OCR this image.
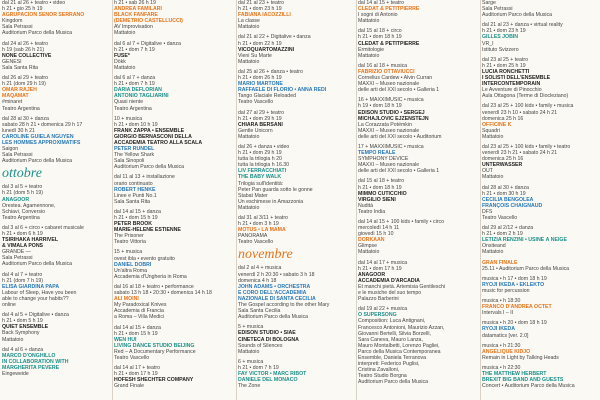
dal 21 al 26 + teatro • video
h 21 • gio 25 h 19
AGRUPACIÓN SEÑOR SERRANO
Kingdom
Sala Petrassi
Auditorium Parco della Musica
dal 24 al 26 + teatro
h 19 (sab 26 h 21)
NONE COLLECTIVE
GENESI
Sala Santa Rita
dal 26 al 29 + teatro
h 21 (dom 29 h 19)
OMAR RAJEH
MAQAMAT
#minaret
Teatro Argentina
dal 28 al 30 + danza
sabato 28 h 21 • domenica 29 h 17
lunedì 30 h 21
CAROLINE GUIELA NGUYEN
LES HOMMES APPROXIMATIFS
Saigon
Sala Petrassi
Auditorium Parco della Musica
ottobre
dal 3 al 5 + teatro
h 21 (dom 5 h 19)
ANAGOOR
Orestea. Agamennone,
Schiavi, Conversio
Teatro Argentina
dal 3 al 6 + circo • cabaret musicale
h 21 • dom 6 h 19
TSIRIHAKA HARRIVEL
& VIMALA PONS
GRANDE —
Sala Petrassi
Auditorium Parco della Musica
dal 4 al 7 + teatro
h 21 (dom 7 h 19)
ELISA GIARDINA PAPA
Labour of Sleep, Have you been
able to change your habits??
online
dal 4 al 5 + Digitalive • danza
h 21 • dom 5 h 19
QUIET ENSEMBLE
Back Symphony
Mattatoio
dal 4 al 6 + danza
MARCO D'ONGHILLO
IN COLLABORATION WITH
MARGHERITA PEVERE
Eingeweide
h 21 • sab 26 h 19
ANDREA FAMILARI
BLACK FANFARE
(DEMETRIO CASTELLUCCI)
AV Improvisation
Mattatoio
dal 6 al 7 + Digitalive • danza
h 21 • dom 7 h 19
FUSE*
Dökk
Mattatoio
dal 6 al 7 + danza
h 21 • dom 7 h 19
DARIA DEFLORIAN
ANTONIO TAGLIARINI
Quasi niente
Teatro Argentina
10 + musica
h 21 • dom 10 h 19
FRANK ZAPPA • ENSEMBLE
GIORGIO BERNASCONI DELLA
ACCADEMIA TEATRO ALLA SCALA
PETER RUNDEL
The Yellow Shark
Sala Sinopoli
Auditorium Parco della Musica
dal 11 al 13 + installazione
orario continuato
ROBERT HENKE
Linee e Punti No.1
Sala Santa Rita
dal 14 al 15 + danza
h 21 • dom 15 h 19
PETER BROOK
MARIE-HÉLÈNE ESTIENNE
The Prisoner
Teatro Vittoria
15 + musica
ovest ibla • evento gratuito
DANIEL DOBRI
Un'altra Roma
Accademia d'Ungheria in Roma
dal 16 al 18 + teatro • performance
sabato 13 h 18 • 20:30 • domenica 14 h 18
ALI MOINI
My Paradoxical Knives
Accademia di Francia
a Roma – Villa Medici
dal 14 al 15 + danza
h 21 • dom 15 h 19
WEN HUI
LIVING DANCE STUDIO BEIJING
Red – A Documentary Performance
Teatro Vascello
dal 14 al 17 + teatro
h 21 • dom 17 h 19
HOFESH SHECHTER COMPANY
Grand Finale
dal 21 al 23 + teatro
h 21 • dom 23 h 19
FABIANA IACOZZILLI
La classe
Mattatoio
dal 21 al 22 + Digitalive • danza
h 21 • dom 22 h 19
VICOQUARTOMAZZINI
Vieni Su Marte
Mattatoio
dal 25 al 26 + danza • teatro
h 21 • dom 26 h 19
MARIO MARTONE
RAFFAELE DI FLORIO • ANNA REDI
Tango Glaciale Reloaded
Teatro Vascello
dal 27 al 29 + teatro
h 21 • dom 29 h 19
CHIARA BERSANI
Gentle Unicorn
Mattatoio
dal 26 + danza • video
h 21 • dom 29 h 19
tutta la trilogia h 20
tutta la trilogia h 16.30
LIV FERRACCHIATI
THE BABY WALK
Trilogia sull'identità:
Peter Pan guarda sotto le gonne
Stabat Mater
Un eschimese in Amazzonia
Mattatoio
dal 31 al 3/11 + teatro
h 21 • dom 3 h 19
MOTUS • LA MAMA
PANORAMA
Teatro Vascello
novembre
dal 2 al 4 + musica
venerdì 2 h 20:30 • sabato 3 h 18
domenica 4 h 18
JOHN ADAMS • ORCHESTRA
E CORO DELL'ACCADEMIA
NAZIONALE DI SANTA CECILIA
The Gospel according to the other Mary
Sala Santa Cecilia
Auditorium Parco della Musica
5 + musica
EDISON STUDIO • SIAE
CINETECA DI BOLOGNA
Sounds of Silences
Mattatoio
6 + musica
h 21 • dom 7 h 19
FAY VICTOR • MARC RIBOT
DANIELE DEL MONACO
The Zone
dal 14 al 15 + teatro
CLÉDAT & PETITPIERRE
I sogni di Antonio
Mattatoio
dal 15 al 18 + circo
h 21 • dom 18 h 19
CLÉDAT & PETITPIERRE
Ermitologie
Mattatoio
dal 16 al 18 + musica
FABRIZIO OTTAVIUCCI
Cornelius Cardew • Alvin Curran
MAXXI – Museo nazionale
delle arti del XXI secolo • Galleria 1
16 + MAXXIMUSIC • musica
h 19 • dom 18 h 19
EDISON STUDIO • SERGEJ
MICHAJLOVIC EJZENŠTEJN
La Corazzata Potëmkin
MAXXI – Museo nazionale
delle arti del XXI secolo • Auditorium
17 + MAXXIMUSIC • musica
TEMPO REALE
SYMPHONY DEVICE
MAXXI – Museo nazionale
delle arti del XXI secolo • Galleria 1
dal 15 al 18 + teatro
h 21 • dom 18 h 19
MIMMO CUTICCHIO
VIRGILIO SIENI
Nudità
Teatro India
dal 14 al 15 + 100 kids • family • circo
mercoledì 14 h 11
giovedì 15 h 10
DORKAAN
Glimpse
Mattatoio
dal 14 al 17 + musica
h 21 • dom 17 h 19
ANAGOOR
ACCADEMIA D'ARCADIA
Et manchi pietà. Artemisia Gentileschi
e le musiche del suo tempo
Palazzo Barberini
dal 19 al 22 + musica
O SUPERSONG
Composition: Luca Antignani,
Francesco Antonioni, Maurizio Azzan,
Giovanni Bertelli, Silvia Borzelli,
Sara Caneva, Mauro Lanza,
Mauro Montalbetti, Lorenzo Pagliei,
Parco della Musica Contemporanea
Ensemble, Daniela Terranova
interpreti: Federico Puglisi,
Cristina Zavalloni,
Teatro Studio Borgna
Auditorium Parco della Musica
Sarge
Sala Petrassi
Auditorium Parco della Musica
dal 21 al 23 + danza • virtual reality
h 21 • dom 23 h 19
GILLES JOBIN
VR_I
Istituto Svizzero
dal 23 al 25 + teatro
h 21 • dom 25 h 19
LUCIA RONCHETTI
I SOLISTI DELL'ENSEMBLE
INTERCONTEMPORAIN
Le Avventure di Pinocchio
Aula Ottagona (Terme di Diocleziano)
dal 23 al 25 + 100 kids • family • musica
venerdì 23 h 10 • sabato 24 h 21
domenica 25 h 16
OFFICINE K
Squadri
Mattatoio
dal 23 al 25 + 100 kids • family • teatro
venerdì 23 h 21 • sabato 24 h 21
domenica 25 h 16
UNTERWASSER
OUT
Mattatoio
dal 28 al 30 + danza
h 21 • dom 30 h 19
CECILIA BENGOLEA
FRANÇOIS CHAIGNAUD
DFS
Teatro Vascello
dal 29 al 2/12 + danza
h 21 • dom 2 h 19
LETIZIA RENZINI • USINE À NEIGE
Onsiteand
Mattatoio
GRAN FINALE
25.11 • Auditorium Parco della Musica
musica • h 17 • dom 18 h 19
RYOJI IKEDA • EKLEKTO
music for percussion
musica • h 18:30
FRANCO D'ANDREA OCTET
Intervals I – II
musica • h 20 • dom 18 h 19
RYOJI IKEDA
datamatics [ver. 2.0]
musica • h 21:30
ANGELIQUE KIDJO
Remain in Light by Talking Heads
musica • h 22:30
THE MATTHEW HERBERT
BREXIT BIG BAND AND GUESTS
Concert • Auditorium Parco della Musica
